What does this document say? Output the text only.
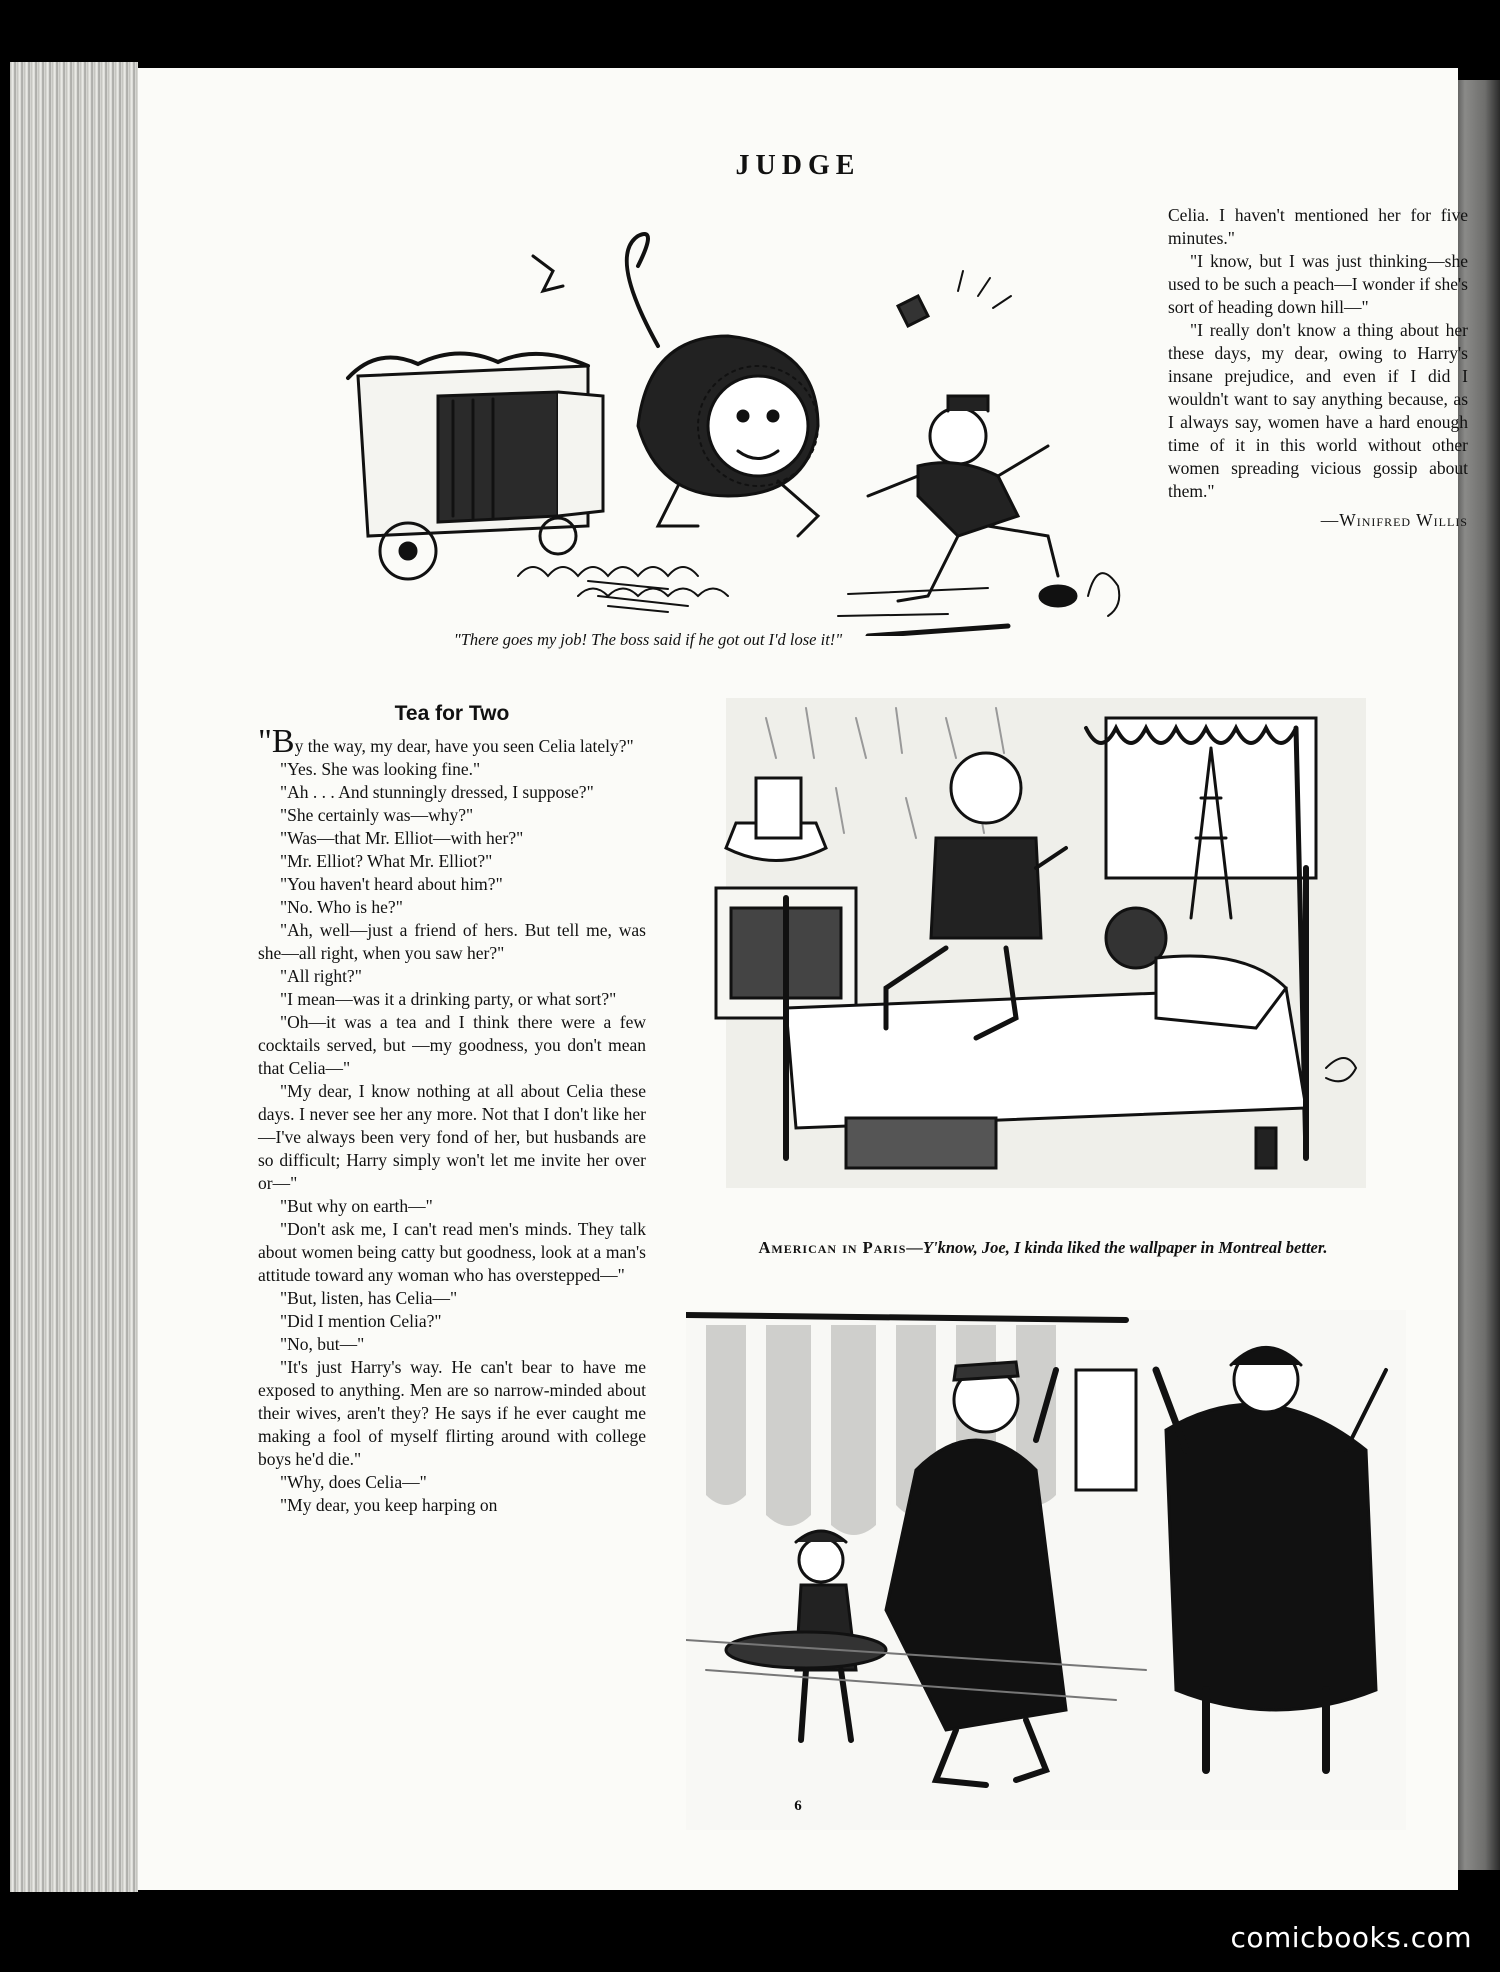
JUDGE
"There goes my job! The boss said if he got out I'd lose it!"

Celia. I haven't mentioned her for five minutes."

"I know, but I was just thinking—she used to be such a peach—I wonder if she's sort of heading down hill—"

"I really don't know a thing about her these days, my dear, owing to Harry's insane prejudice, and even if I did I wouldn't want to say anything because, as I always say, women have a hard enough time of it in this world without other women spreading vicious gossip about them."

—Winifred Willis
Tea for Two

"By the way, my dear, have you seen Celia lately?"

"Yes. She was looking fine."

"Ah . . . And stunningly dressed, I suppose?"

"She certainly was—why?"

"Was—that Mr. Elliot—with her?"

"Mr. Elliot? What Mr. Elliot?"

"You haven't heard about him?"

"No. Who is he?"

"Ah, well—just a friend of hers. But tell me, was she—all right, when you saw her?"

"All right?"

"I mean—was it a drinking party, or what sort?"

"Oh—it was a tea and I think there were a few cocktails served, but —my goodness, you don't mean that Celia—"

"My dear, I know nothing at all about Celia these days. I never see her any more. Not that I don't like her—I've always been very fond of her, but husbands are so difficult; Harry simply won't let me invite her over or—"

"But why on earth—"

"Don't ask me, I can't read men's minds. They talk about women being catty but goodness, look at a man's attitude toward any woman who has overstepped—"

"But, listen, has Celia—"

"Did I mention Celia?"

"No, but—"

"It's just Harry's way. He can't bear to have me exposed to anything. Men are so narrow-minded about their wives, aren't they? He says if he ever caught me making a fool of myself flirting around with college boys he'd die."

"Why, does Celia—"

"My dear, you keep harping on

American in Paris—Y'know, Joe, I kinda liked the wallpaper in Montreal better.
6
comicbooks.com
